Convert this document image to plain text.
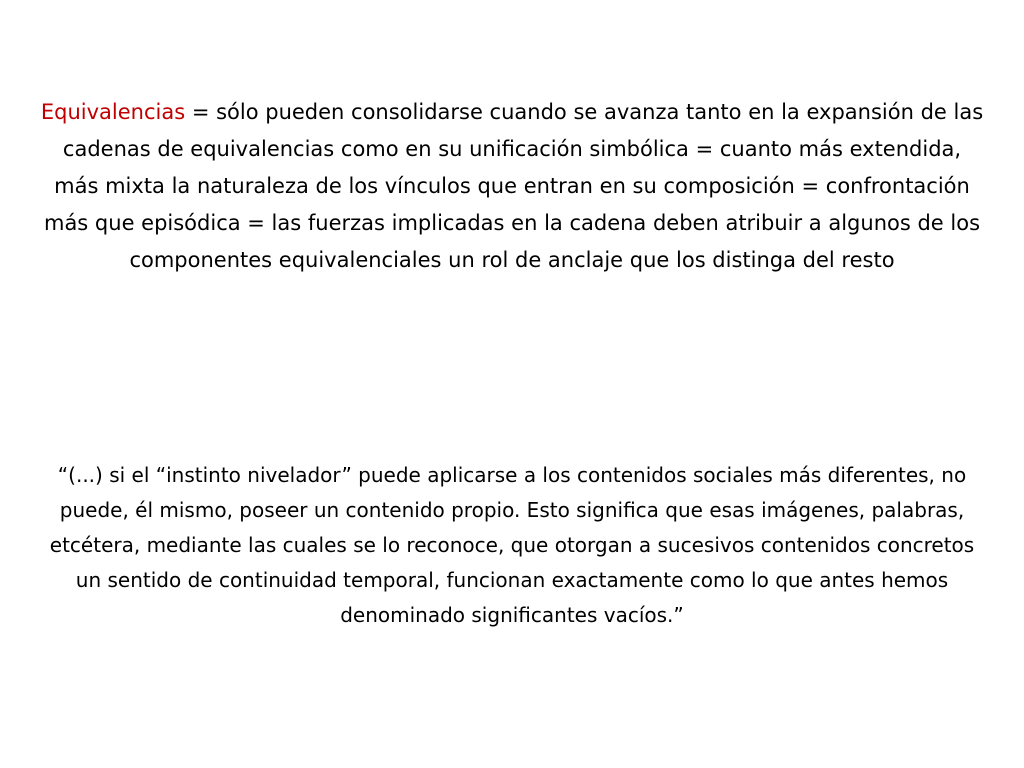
Equivalencias = sólo pueden consolidarse cuando se avanza tanto en la expansión de las cadenas de equivalencias como en su unificación simbólica = cuanto más extendida, más mixta la naturaleza de los vínculos que entran en su composición = confrontación más que episódica = las fuerzas implicadas en la cadena deben atribuir a algunos de los componentes equivalenciales un rol de anclaje que los distinga del resto

“(...) si el “instinto nivelador” puede aplicarse a los contenidos sociales más diferentes, no puede, él mismo, poseer un contenido propio. Esto significa que esas imágenes, palabras, etcétera, mediante las cuales se lo reconoce, que otorgan a sucesivos contenidos concretos un sentido de continuidad temporal, funcionan exactamente como lo que antes hemos denominado significantes vacíos.”
